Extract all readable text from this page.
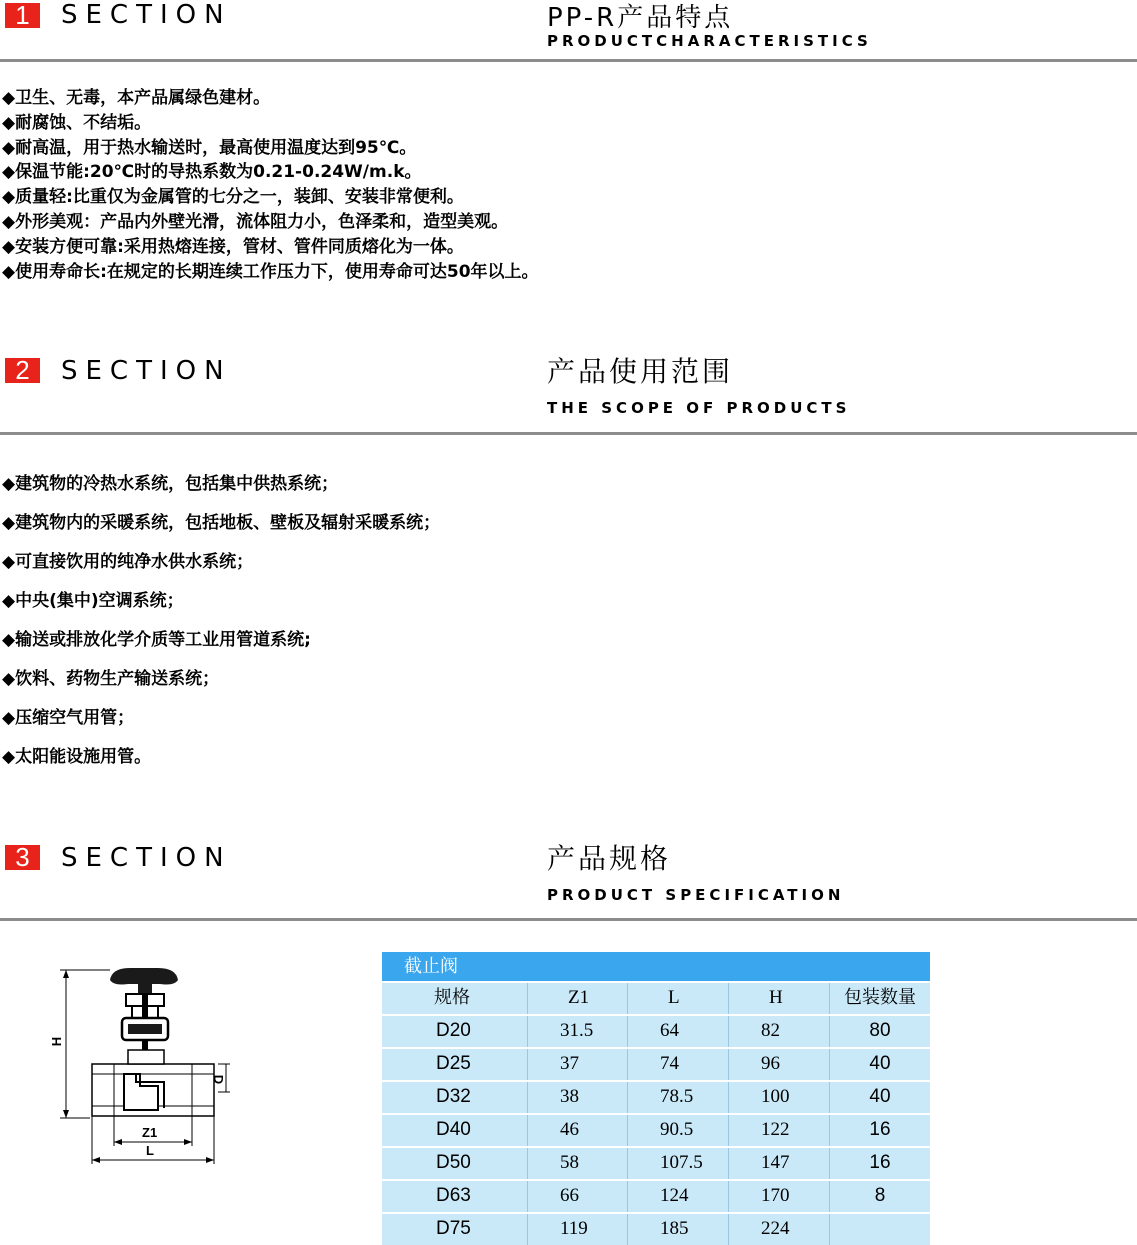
1	SECTION	PP-R产品特点
PRODUCTCHARACTERISTICS
◆卫生、无毒，本产品属绿色建材。
◆耐腐蚀、不结垢。
◆耐高温，用于热水输送时，最高使用温度达到95℃。
◆保温节能:20℃时的导热系数为0.21-0.24W/m.k。
◆质量轻:比重仅为金属管的七分之一，装卸、安装非常便利。
◆外形美观：产品内外壁光滑，流体阻力小，色泽柔和，造型美观。
◆安装方便可靠:采用热熔连接，管材、管件同质熔化为一体。
◆使用寿命长:在规定的长期连续工作压力下，使用寿命可达50年以上。
2	SECTION	产品使用范围
THE SCOPE OF PRODUCTS
◆建筑物的冷热水系统，包括集中供热系统；
◆建筑物内的采暖系统，包括地板、壁板及辐射采暖系统；
◆可直接饮用的纯净水供水系统；
◆中央(集中)空调系统；
◆输送或排放化学介质等工业用管道系统;
◆饮料、药物生产输送系统；
◆压缩空气用管；
◆太阳能设施用管。
3	SECTION	产品规格
PRODUCT SPECIFICATION
H
D
Z1
L
截止阀
规格	Z1	L	H	包装数量
D20	31.5	64	82	80
D25	37	74	96	40
D32	38	78.5	100	40
D40	46	90.5	122	16
D50	58	107.5	147	16
D63	66	124	170	8
D75	119	185	224
